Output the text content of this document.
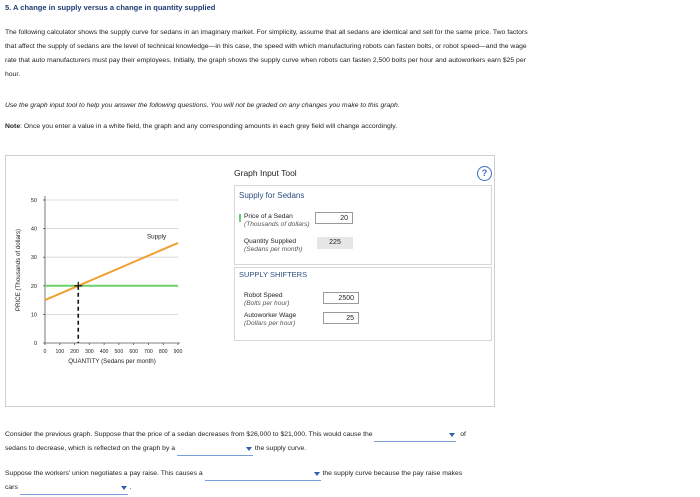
5. A change in supply versus a change in quantity supplied
The following calculator shows the supply curve for sedans in an imaginary market. For simplicity, assume that all sedans are identical and sell for the same price. Two factors that affect the supply of sedans are the level of technical knowledge—in this case, the speed with which manufacturing robots can fasten bolts, or robot speed—and the wage rate that auto manufacturers must pay their employees. Initially, the graph shows the supply curve when robots can fasten 2,500 bolts per hour and autoworkers earn $25 per hour.
Use the graph input tool to help you answer the following questions. You will not be graded on any changes you make to this graph.
Note: Once you enter a value in a white field, the graph and any corresponding amounts in each grey field will change accordingly.
0
10
20
30
40
50
0 100 200 300 400 500 600 700 800 900
Supply
PRICE (Thousands of dollars)
QUANTITY (Sedans per month)
Graph Input Tool	?
Supply for Sedans
Price of a Sedan
(Thousands of dollars)
20
Quantity Supplied
(Sedans per month)
225
SUPPLY SHIFTERS
Robot Speed
(Bolts per hour)
2500
Autoworker Wage
(Dollars per hour)
25
Consider the previous graph. Suppose that the price of a sedan decreases from $26,000 to $21,000. This would cause the	of
sedans to decrease, which is reflected on the graph by a	the supply curve.
Suppose the workers' union negotiates a pay raise. This causes a	the supply curve because the pay raise makes
cars	.
